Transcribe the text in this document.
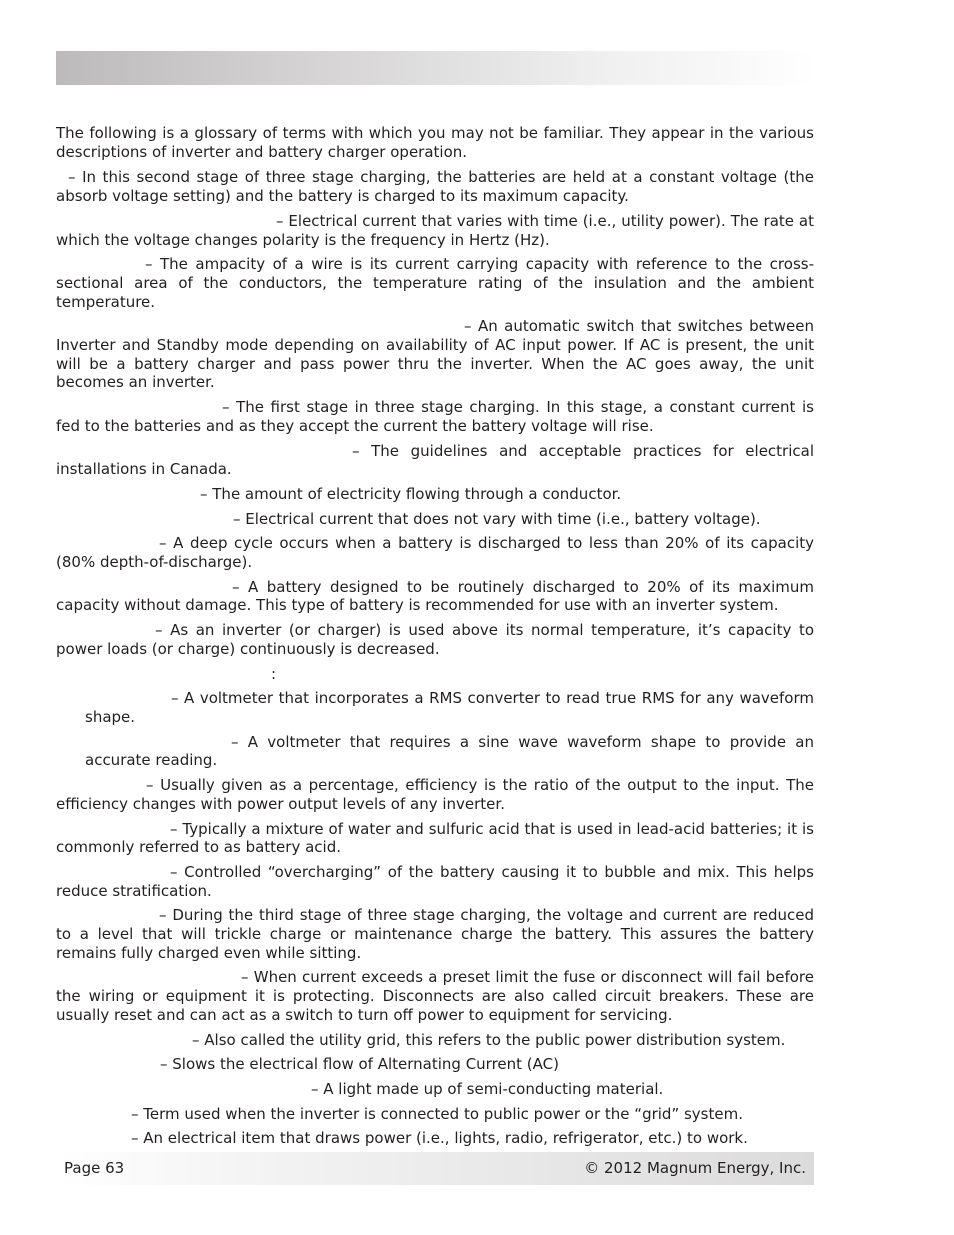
The following is a glossary of terms with which you may not be familiar. They appear in the various descriptions of inverter and battery charger operation.

– In this second stage of three stage charging, the batteries are held at a constant voltage (the absorb voltage setting) and the battery is charged to its maximum capacity.

– Electrical current that varies with time (i.e., utility power). The rate at which the voltage changes polarity is the frequency in Hertz (Hz).

– The ampacity of a wire is its current carrying capacity with reference to the cross-sectional area of the conductors, the temperature rating of the insulation and the ambient temperature.

– An automatic switch that switches between Inverter and Standby mode depending on availability of AC input power. If AC is present, the unit will be a battery charger and pass power thru the inverter. When the AC goes away, the unit becomes an inverter.

– The first stage in three stage charging. In this stage, a constant current is fed to the batteries and as they accept the current the battery voltage will rise.

– The guidelines and acceptable practices for electrical installations in Canada.

– The amount of electricity flowing through a conductor.

– Electrical current that does not vary with time (i.e., battery voltage).

– A deep cycle occurs when a battery is discharged to less than 20% of its capacity (80% depth-of-discharge).

– A battery designed to be routinely discharged to 20% of its maximum capacity without damage. This type of battery is recommended for use with an inverter system.

– As an inverter (or charger) is used above its normal temperature, it’s capacity to power loads (or charge) continuously is decreased.

:

– A voltmeter that incorporates a RMS converter to read true RMS for any waveform shape.

– A voltmeter that requires a sine wave waveform shape to provide an accurate reading.

– Usually given as a percentage, efficiency is the ratio of the output to the input. The efficiency changes with power output levels of any inverter.

– Typically a mixture of water and sulfuric acid that is used in lead-acid batteries; it is commonly referred to as battery acid.

– Controlled “overcharging” of the battery causing it to bubble and mix. This helps reduce stratification.

– During the third stage of three stage charging, the voltage and current are reduced to a level that will trickle charge or maintenance charge the battery. This assures the battery remains fully charged even while sitting.

– When current exceeds a preset limit the fuse or disconnect will fail before the wiring or equipment it is protecting. Disconnects are also called circuit breakers. These are usually reset and can act as a switch to turn off power to equipment for servicing.

– Also called the utility grid, this refers to the public power distribution system.

– Slows the electrical flow of Alternating Current (AC)

– A light made up of semi-conducting material.

– Term used when the inverter is connected to public power or the “grid” system.

– An electrical item that draws power (i.e., lights, radio, refrigerator, etc.) to work.

Page 63	© 2012 Magnum Energy, Inc.
